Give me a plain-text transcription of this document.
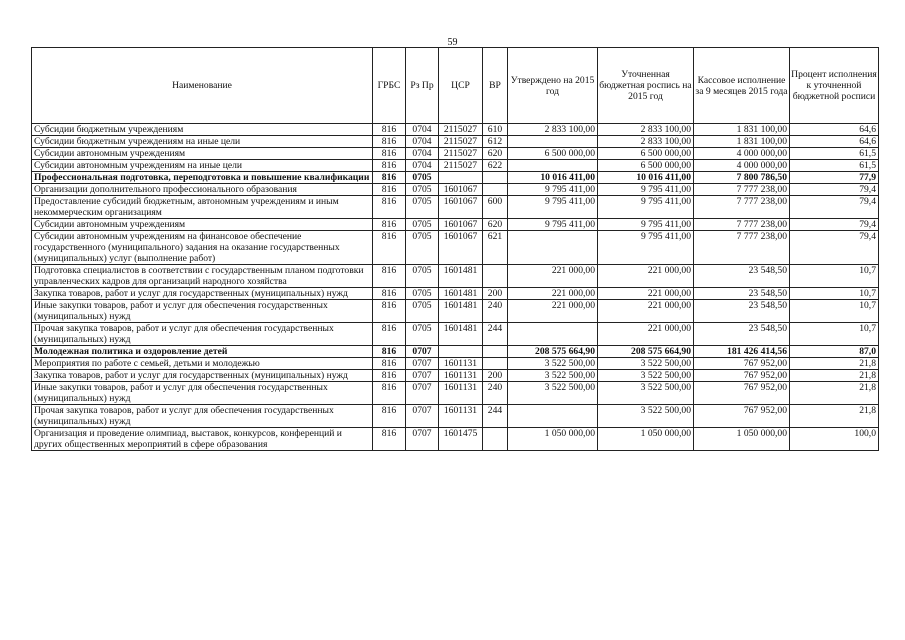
59
Наименование	ГРБС	Рз Пр	ЦСР	ВР	Утверждено на 2015 год	Уточненная бюджетная роспись на 2015 год	Кассовое исполнение за 9 месяцев 2015 года	Процент исполнения к уточненной бюджетной росписи
Субсидии бюджетным учреждениям	816	0704	2115027	610	2 833 100,00	2 833 100,00	1 831 100,00	64,6
Субсидии бюджетным учреждениям на иные цели	816	0704	2115027	612		2 833 100,00	1 831 100,00	64,6
Субсидии автономным учреждениям	816	0704	2115027	620	6 500 000,00	6 500 000,00	4 000 000,00	61,5
Субсидии автономным учреждениям на иные цели	816	0704	2115027	622		6 500 000,00	4 000 000,00	61,5
Профессиональная подготовка, переподготовка и повышение квалификации	816	0705			10 016 411,00	10 016 411,00	7 800 786,50	77,9
Организации дополнительного профессионального образования	816	0705	1601067		9 795 411,00	9 795 411,00	7 777 238,00	79,4
Предоставление субсидий бюджетным, автономным учреждениям и иным некоммерческим организациям	816	0705	1601067	600	9 795 411,00	9 795 411,00	7 777 238,00	79,4
Субсидии автономным учреждениям	816	0705	1601067	620	9 795 411,00	9 795 411,00	7 777 238,00	79,4
Субсидии автономным учреждениям на финансовое обеспечение государственного (муниципального) задания на оказание государственных (муниципальных) услуг (выполнение работ)	816	0705	1601067	621		9 795 411,00	7 777 238,00	79,4
Подготовка специалистов в соответствии с государственным планом подготовки управленческих кадров для организаций народного хозяйства	816	0705	1601481		221 000,00	221 000,00	23 548,50	10,7
Закупка товаров, работ и услуг для государственных (муниципальных) нужд	816	0705	1601481	200	221 000,00	221 000,00	23 548,50	10,7
Иные закупки товаров, работ и услуг для обеспечения государственных (муниципальных) нужд	816	0705	1601481	240	221 000,00	221 000,00	23 548,50	10,7
Прочая закупка товаров, работ и услуг для обеспечения государственных (муниципальных) нужд	816	0705	1601481	244		221 000,00	23 548,50	10,7
Молодежная политика и оздоровление детей	816	0707			208 575 664,90	208 575 664,90	181 426 414,56	87,0
Мероприятия по работе с семьей, детьми и молодежью	816	0707	1601131		3 522 500,00	3 522 500,00	767 952,00	21,8
Закупка товаров, работ и услуг для государственных (муниципальных) нужд	816	0707	1601131	200	3 522 500,00	3 522 500,00	767 952,00	21,8
Иные закупки товаров, работ и услуг для обеспечения государственных (муниципальных) нужд	816	0707	1601131	240	3 522 500,00	3 522 500,00	767 952,00	21,8
Прочая закупка товаров, работ и услуг для обеспечения государственных (муниципальных) нужд	816	0707	1601131	244		3 522 500,00	767 952,00	21,8
Организация и проведение олимпиад, выставок, конкурсов, конференций и других общественных мероприятий в сфере образования	816	0707	1601475		1 050 000,00	1 050 000,00	1 050 000,00	100,0
